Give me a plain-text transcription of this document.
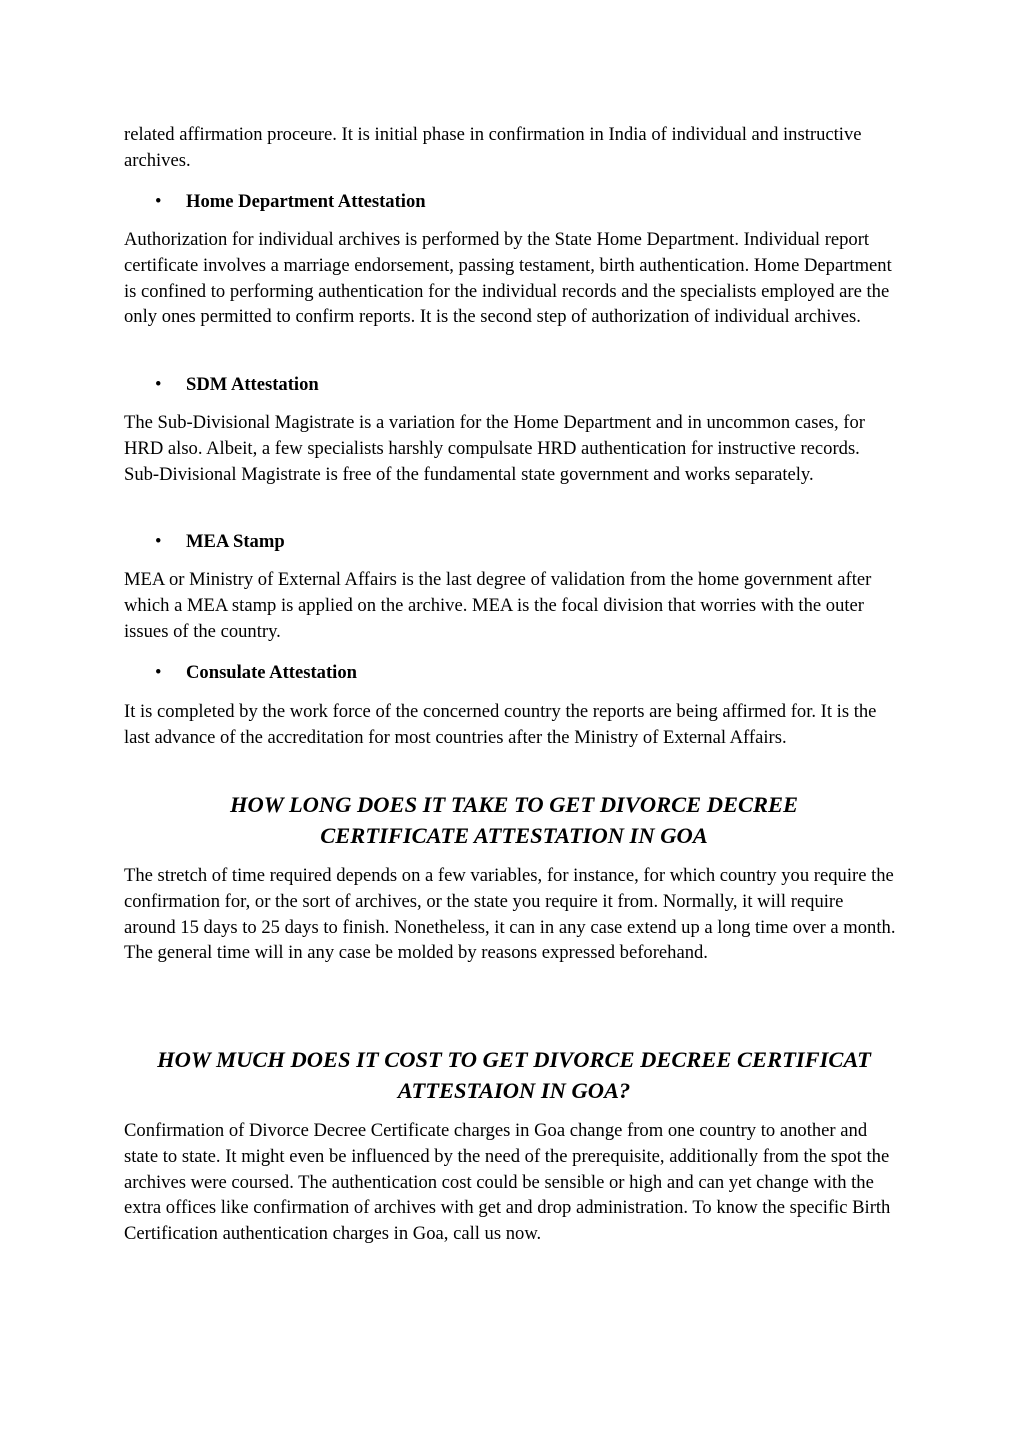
related affirmation proceure. It is initial phase in confirmation in India of individual and instructive archives.

• Home Department Attestation

Authorization for individual archives is performed by the State Home Department. Individual report certificate involves a marriage endorsement, passing testament, birth authentication. Home Department is confined to performing authentication for the individual records and the specialists employed are the only ones permitted to confirm reports. It is the second step of authorization of individual archives.

• SDM Attestation

The Sub-Divisional Magistrate is a variation for the Home Department and in uncommon cases, for HRD also. Albeit, a few specialists harshly compulsate HRD authentication for instructive records. Sub-Divisional Magistrate is free of the fundamental state government and works separately.

• MEA Stamp

MEA or Ministry of External Affairs is the last degree of validation from the home government after which a MEA stamp is applied on the archive. MEA is the focal division that worries with the outer issues of the country.

• Consulate Attestation

It is completed by the work force of the concerned country the reports are being affirmed for. It is the last advance of the accreditation for most countries after the Ministry of External Affairs.

HOW LONG DOES IT TAKE TO GET DIVORCE DECREE CERTIFICATE ATTESTATION IN GOA

The stretch of time required depends on a few variables, for instance, for which country you require the confirmation for, or the sort of archives, or the state you require it from. Normally, it will require around 15 days to 25 days to finish. Nonetheless, it can in any case extend up a long time over a month. The general time will in any case be molded by reasons expressed beforehand.

HOW MUCH DOES IT COST TO GET DIVORCE DECREE CERTIFICAT ATTESTAION IN GOA?

Confirmation of Divorce Decree Certificate charges in Goa change from one country to another and state to state. It might even be influenced by the need of the prerequisite, additionally from the spot the archives were coursed. The authentication cost could be sensible or high and can yet change with the extra offices like confirmation of archives with get and drop administration. To know the specific Birth Certification authentication charges in Goa, call us now.
